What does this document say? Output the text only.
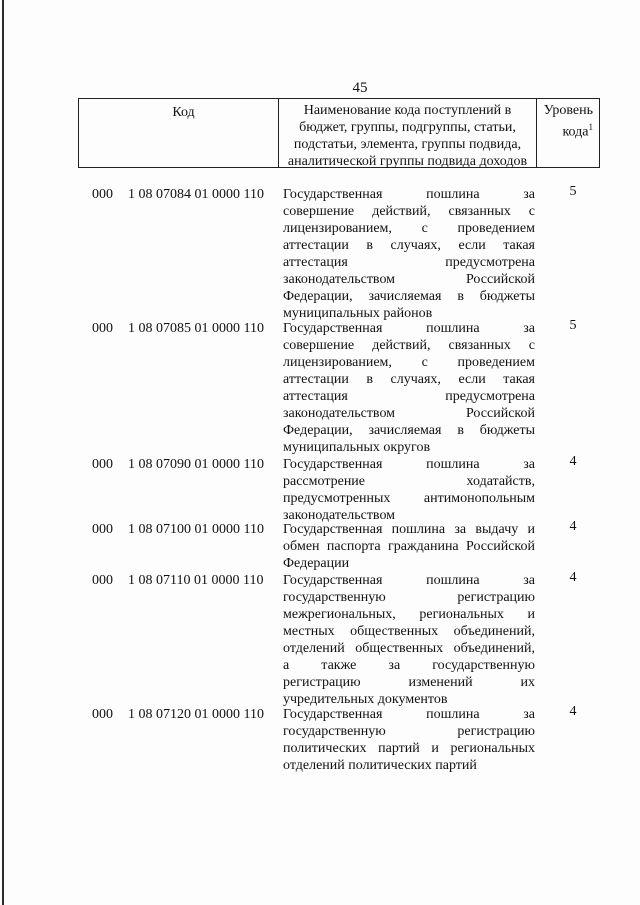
45
Код	Наименование кода поступлений в
бюджет, группы, подгруппы, статьи,
подстатьи, элемента, группы подвида,
аналитической группы подвида доходов
Уровень
кода$^1$
000	1 08 07084 01 0000 110	Государственная пошлина за
совершение действий, связанных с
лицензированием, с проведением
аттестации в случаях, если такая
аттестация предусмотрена
законодательством Российской
Федерации, зачисляемая в бюджеты
муниципальных районов
5
000	1 08 07085 01 0000 110	Государственная пошлина за
совершение действий, связанных с
лицензированием, с проведением
аттестации в случаях, если такая
аттестация предусмотрена
законодательством Российской
Федерации, зачисляемая в бюджеты
муниципальных округов
5
000	1 08 07090 01 0000 110	Государственная пошлина за
рассмотрение ходатайств,
предусмотренных антимонопольным
законодательством
4
000	1 08 07100 01 0000 110	Государственная пошлина за выдачу и
обмен паспорта гражданина Российской
Федерации
4
000	1 08 07110 01 0000 110	Государственная пошлина за
государственную регистрацию
межрегиональных, региональных и
местных общественных объединений,
отделений общественных объединений,
а также за государственную
регистрацию изменений их
учредительных документов
4
000	1 08 07120 01 0000 110	Государственная пошлина за
государственную регистрацию
политических партий и региональных
отделений политических партий
4
